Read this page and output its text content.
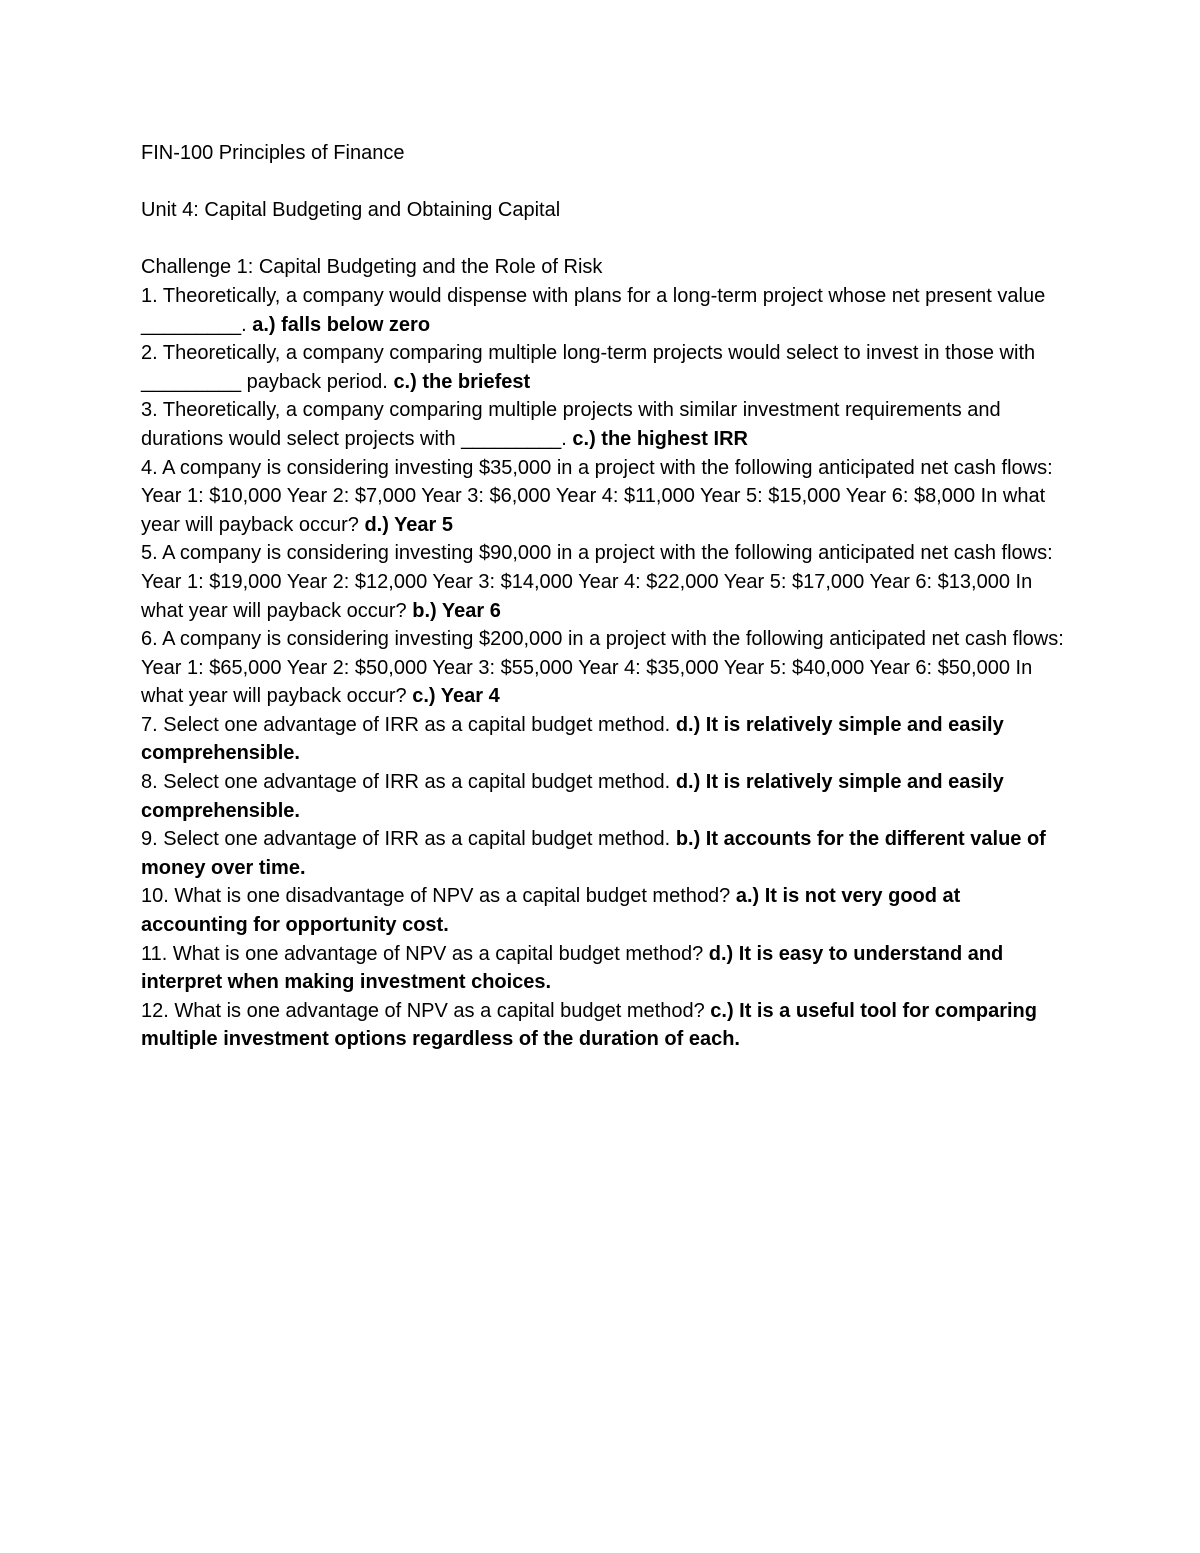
FIN-100 Principles of Finance

Unit 4: Capital Budgeting and Obtaining Capital

Challenge 1: Capital Budgeting and the Role of Risk

1. Theoretically, a company would dispense with plans for a long-term project whose net present value _________. a.) falls below zero

2. Theoretically, a company comparing multiple long-term projects would select to invest in those with _________ payback period. c.) the briefest

3. Theoretically, a company comparing multiple projects with similar investment requirements and durations would select projects with _________. c.) the highest IRR

4. A company is considering investing $35,000 in a project with the following anticipated net cash flows: Year 1: $10,000 Year 2: $7,000 Year 3: $6,000 Year 4: $11,000 Year 5: $15,000 Year 6: $8,000 In what year will payback occur? d.) Year 5

5. A company is considering investing $90,000 in a project with the following anticipated net cash flows: Year 1: $19,000 Year 2: $12,000 Year 3: $14,000 Year 4: $22,000 Year 5: $17,000 Year 6: $13,000 In what year will payback occur? b.) Year 6

6. A company is considering investing $200,000 in a project with the following anticipated net cash flows: Year 1: $65,000 Year 2: $50,000 Year 3: $55,000 Year 4: $35,000 Year 5: $40,000 Year 6: $50,000 In what year will payback occur? c.) Year 4

7. Select one advantage of IRR as a capital budget method. d.) It is relatively simple and easily comprehensible.

8. Select one advantage of IRR as a capital budget method. d.) It is relatively simple and easily comprehensible.

9. Select one advantage of IRR as a capital budget method. b.) It accounts for the different value of money over time.

10. What is one disadvantage of NPV as a capital budget method? a.) It is not very good at accounting for opportunity cost.

11. What is one advantage of NPV as a capital budget method? d.) It is easy to understand and interpret when making investment choices.

12. What is one advantage of NPV as a capital budget method? c.) It is a useful tool for comparing multiple investment options regardless of the duration of each.
